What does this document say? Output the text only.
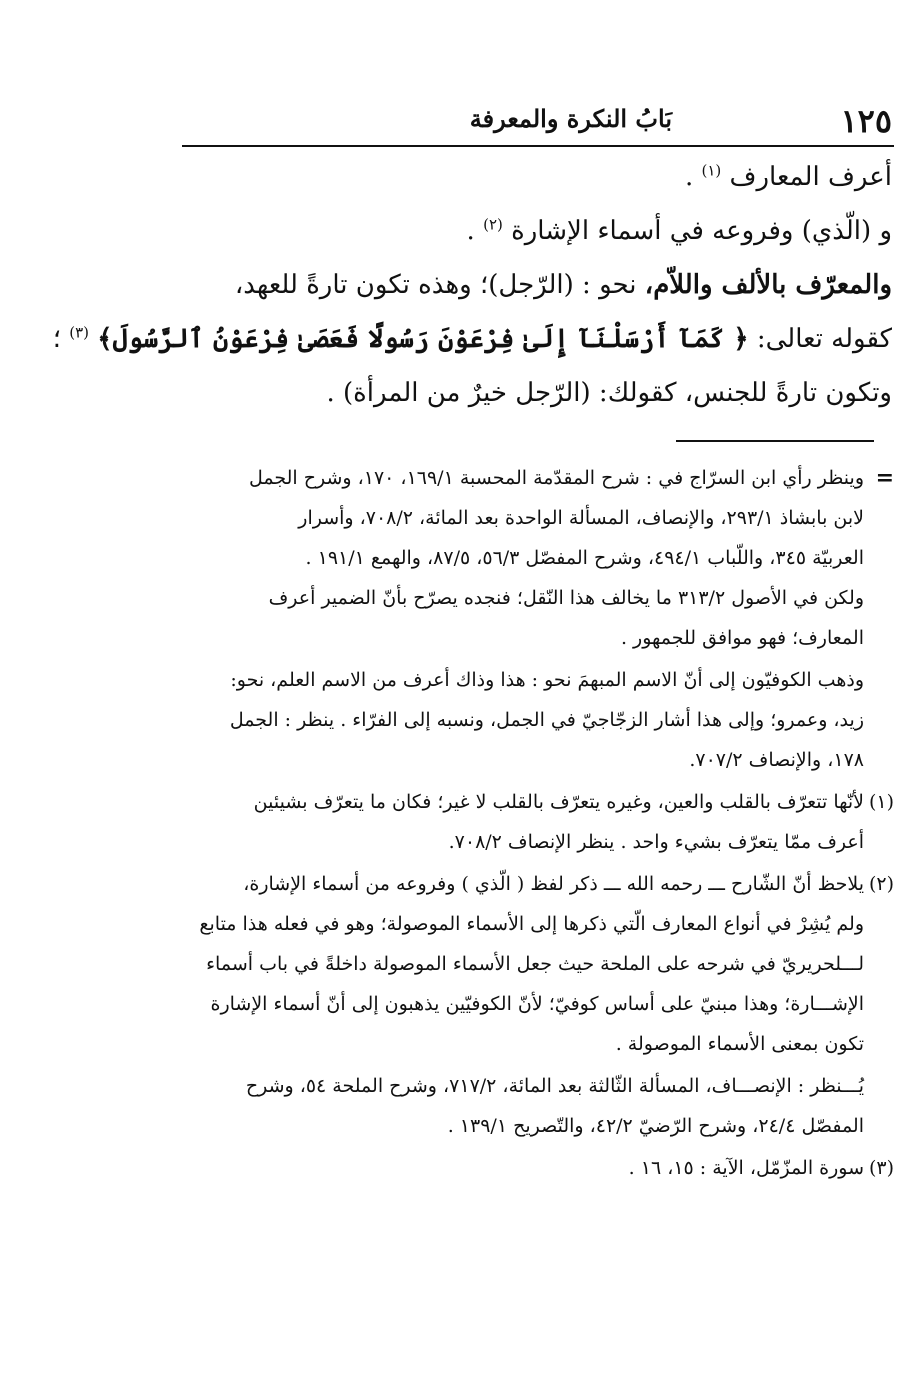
١٢٥
بَابُ النكرة والمعرفة
أعرف المعارف $^{(١)}$ .
و (الّذي) وفروعه في أسماء الإشارة $^{(٢)}$ .
والمعرّف بالألف واللاّم، نحو : (الرّجل)؛ وهذه تكون تارةً للعهد،
كقوله تعالى: ﴿ كَمَآ أَرْسَلْنَآ إِلَىٰ فِرْعَوْنَ رَسُولًا فَعَصَىٰ فِرْعَوْنُ ٱلرَّسُولَ﴾ $^{(٣)}$ ؛
وتكون تارةً للجنس، كقولك: (الرّجل خيرٌ من المرأة) .
=
وينظر رأي ابن السرّاج في : شرح المقدّمة المحسبة ١٦٩/١، ١٧٠، وشرح الجمل
لابن بابشاذ ٢٩٣/١، والإنصاف، المسألة الواحدة بعد المائة، ٧٠٨/٢، وأسرار
العربيّة ٣٤٥، واللّباب ٤٩٤/١، وشرح المفصّل ٥٦/٣، ٨٧/٥، والهمع ١٩١/١ .
ولكن في الأصول ٣١٣/٢ ما يخالف هذا النّقل؛ فنجده يصرّح بأنّ الضمير أعرف
المعارف؛ فهو موافق للجمهور .
وذهب الكوفيّون إلى أنّ الاسم المبهمَ نحو : هذا وذاك أعرف من الاسم العلم، نحو:
زيد، وعمرو؛ وإلى هذا أشار الزجّاجيّ في الجمل، ونسبه إلى الفرّاء . ينظر : الجمل
١٧٨، والإنصاف ٧٠٧/٢.
(١)
لأنّها تتعرّف بالقلب والعين، وغيره يتعرّف بالقلب لا غير؛ فكان ما يتعرّف بشيئين
أعرف ممّا يتعرّف بشيء واحد . ينظر الإنصاف ٧٠٨/٢.
(٢)
يلاحظ أنّ الشّارح ـــ رحمه الله ـــ ذكر لفظ ( الّذي ) وفروعه من أسماء الإشارة،
ولم يُشِرْ في أنواع المعارف الّتي ذكرها إلى الأسماء الموصولة؛ وهو في فعله هذا متابع
لـــلحريريّ في شرحه على الملحة حيث جعل الأسماء الموصولة داخلةً في باب أسماء
الإشـــارة؛ وهذا مبنيّ على أساس كوفيّ؛ لأنّ الكوفيّين يذهبون إلى أنّ أسماء الإشارة
تكون بمعنى الأسماء الموصولة .
يُـــنظر : الإنصـــاف، المسألة الثّالثة بعد المائة، ٧١٧/٢، وشرح الملحة ٥٤، وشرح
المفصّل ٢٤/٤، وشرح الرّضيّ ٤٢/٢، والتّصريح ١٣٩/١ .
(٣)
سورة المزّمّل، الآية : ١٥، ١٦ .
